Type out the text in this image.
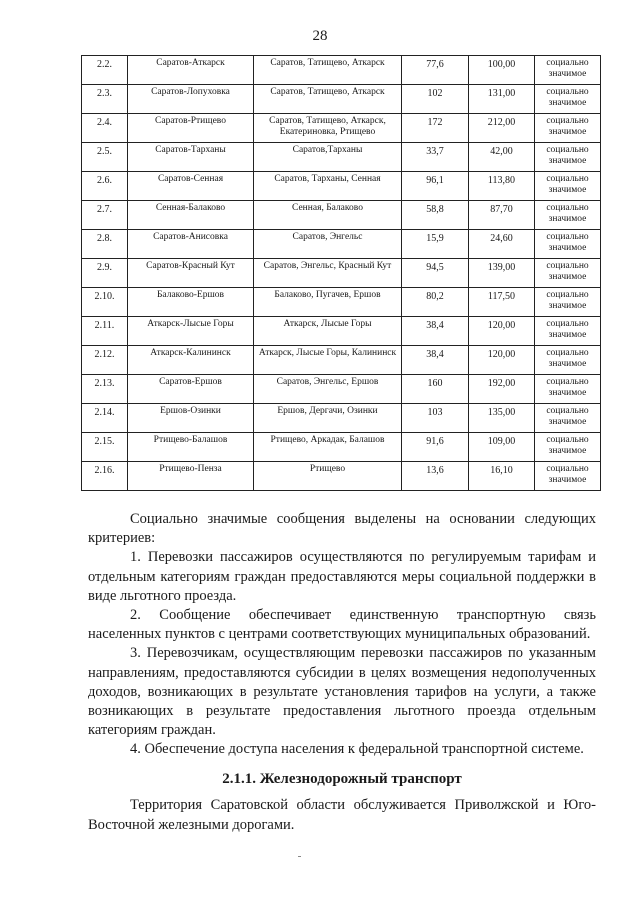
28
2.2.	Саратов-Аткарск	Саратов, Татищево, Аткарск	77,6	100,00	социально значимое
2.3.	Саратов-Лопуховка	Саратов, Татищево, Аткарск	102	131,00	социально значимое
2.4.	Саратов-Ртищево	Саратов, Татищево, Аткарск, Екатериновка, Ртищево	172	212,00	социально значимое
2.5.	Саратов-Тарханы	Саратов,Тарханы	33,7	42,00	социально значимое
2.6.	Саратов-Сенная	Саратов, Тарханы, Сенная	96,1	113,80	социально значимое
2.7.	Сенная-Балаково	Сенная, Балаково	58,8	87,70	социально значимое
2.8.	Саратов-Анисовка	Саратов, Энгельс	15,9	24,60	социально значимое
2.9.	Саратов-Красный Кут	Саратов, Энгельс, Красный Кут	94,5	139,00	социально значимое
2.10.	Балаково-Ершов	Балаково, Пугачев, Ершов	80,2	117,50	социально значимое
2.11.	Аткарск-Лысые Горы	Аткарск, Лысые Горы	38,4	120,00	социально значимое
2.12.	Аткарск-Калининск	Аткарск, Лысые Горы, Калининск	38,4	120,00	социально значимое
2.13.	Саратов-Ершов	Саратов, Энгельс, Ершов	160	192,00	социально значимое
2.14.	Ершов-Озинки	Ершов, Дергачи, Озинки	103	135,00	социально значимое
2.15.	Ртищево-Балашов	Ртищево, Аркадак, Балашов	91,6	109,00	социально значимое
2.16.	Ртищево-Пенза	Ртищево	13,6	16,10	социально значимое

Социально значимые сообщения выделены на основании следующих критериев:

1. Перевозки пассажиров осуществляются по регулируемым тарифам и отдельным категориям граждан предоставляются меры социальной поддержки в виде льготного проезда.

2. Сообщение обеспечивает единственную транспортную связь населенных пунктов с центрами соответствующих муниципальных образований.

3. Перевозчикам, осуществляющим перевозки пассажиров по указанным направлениям, предоставляются субсидии в целях возмещения недополученных доходов, возникающих в результате установления тарифов на услуги, а также возникающих в результате предоставления льготного проезда отдельным категориям граждан.

4. Обеспечение доступа населения к федеральной транспортной системе.

2.1.1. Железнодорожный транспорт

Территория Саратовской области обслуживается Приволжской и Юго-Восточной железными дорогами.
